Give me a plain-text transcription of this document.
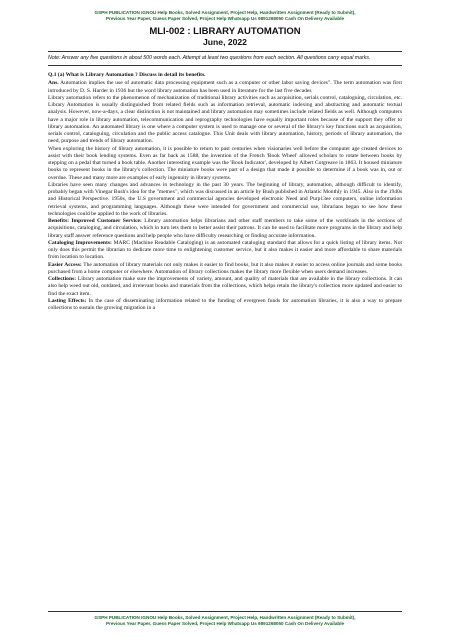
GSPH PUBLICATION IGNOU Help Books, Solved Assignment, Project Help, Handwritten Assignment (Ready to Submit),
Previous Year Paper, Guess Paper Solved, Project Help Whatsapp Us 9891268050 Cash On Delivery Available
MLI-002 : LIBRARY AUTOMATION
June, 2022
Note: Answer any five questions in about 500 words each. Attempt at least two questions from each section. All questions carry equal marks.

Q.1 (a) What is Library Automation ? Discuss in detail its benefits.

Ans. Automation implies the use of automatic data processing equipment such as a computer or other labor saving devices". The term automation was first introduced by D. S. Harder in 1936 but the word library automation has been used in literature for the last five decades

Library automation refers to the phenomenon of mechanization of traditional library activities such as acquisition, serials control, cataloguing, circulation, etc. Library Automation is usually distinguished from related fields such as information retrieval, automatic indexing and abstracting and automatic textual analysis. However, now-a-days, a clear distinction is not maintained and library automation may sometimes include related fields as well. Although computers have a major role in library automation, telecommunication and reprography technologies have equally important roles because of the support they offer to library automation. An automated library is one where a computer system is used to manage one or several of the library's key functions such as acquisition, serials control, cataloguing, circulation and the public access catalogue. This Unit deals with library automation, history, periods of library automation, the need, purpose and trends of library automation.

When exploring the history of library automation, it is possible to return to past centuries when visionaries well before the computer age created devices to assist with their book lending systems. Even as far back as 1588, the invention of the French 'Book Wheel' allowed scholars to rotate between books by stepping on a pedal that turned a book table. Another interesting example was the 'Book Indicator', developed by Albert Cotgreave in 1863. It housed miniature books to represent books in the library's collection. The miniature books were part of a design that made it possible to determine if a book was in, out or overdue. These and many more are examples of early ingenuity in library systems.

Libraries have seen many changes and advances in technology in the past 30 years. The beginning of library, automation, although difficult to identify, probably began with Vinegar Bush's idea for the "memex", which was discussed in an article by Bush published in Atlantic Monthly in 1945. Also in the 1940s and Historical Perspective. 1950s, the U.S government and commercial agencies developed electronic Need and Purp13ee computers, online information retrieval systems, and programming languages. Although these were intended for government and commercial use, librarians began to see how these technologies could be applied to the work of libraries.

Benefits: Improved Customer Service: Library automation helps librarians and other staff members to take some of the workloads in the sections of acquisitions, cataloging, and circulation, which in turn lets them to better assist their patrons. It can be used to facilitate more programs in the library and help library staff answer reference questions and help people who have difficulty researching or finding accurate information.

Cataloging Improvements: MARC (Machine Readable Cataloging) is an automated cataloging standard that allows for a quick listing of library items. Not only does this permit the librarian to dedicate more time to enlightening customer service, but it also makes it easier and more affordable to share materials from location to location.

Easier Access: The automation of library materials not only makes it easier to find books, but it also makes it easier to access online journals and some books purchased from a home computer or elsewhere. Automation of library collections makes the library more flexible when users demand increases.

Collections: Library automation make sure the improvements of variety, amount, and quality of materials that are available in the library collections. It can also help weed out old, outdated, and irrelevant books and materials from the collections, which helps retain the library's collection more updated and easier to find the exact item.

Lasting Effects: In the case of disseminating information related to the funding of evergreen funds for automation libraries, it is also a way to prepare collections to sustain the growing migration in a

GSPH PUBLICATION IGNOU Help Books, Solved Assignment, Project Help, Handwritten Assignment (Ready to Submit),
Previous Year Paper, Guess Paper Solved, Project Help Whatsapp Us 9891268050 Cash On Delivery Available
